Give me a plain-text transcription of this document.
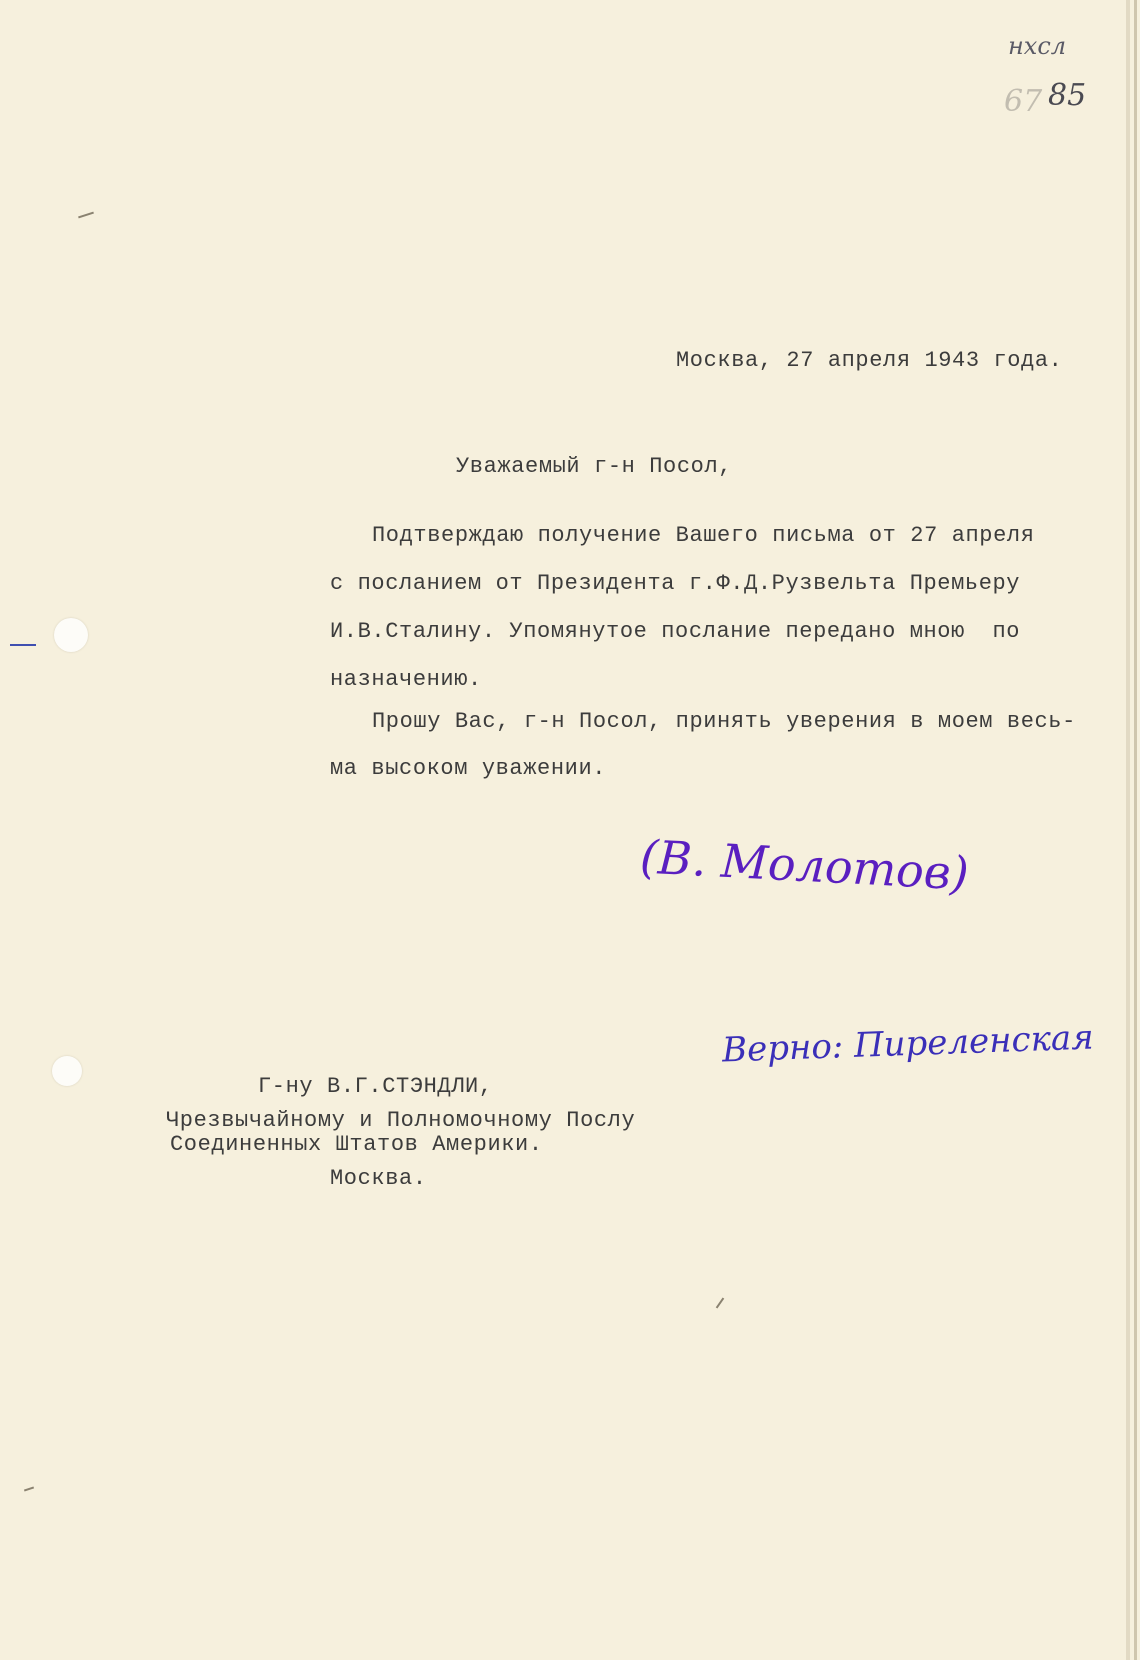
нхсл
67 85
Москва, 27 апреля 1943 года.
Уважаемый г-н Посол,
Подтверждаю получение Вашего письма от 27 апреля
с посланием от Президента г.Ф.Д.Рузвельта Премьеру
И.В.Сталину. Упомянутое послание передано мною  по
назначению.
Прошу Вас, г-н Посол, принять уверения в моем весь-
ма высоком уважении.
(В. Молотов)
Верно: Пиреленская
Г-ну В.Г.СТЭНДЛИ,
Чрезвычайному и Полномочному Послу
Соединенных Штатов Америки.
Москва.
